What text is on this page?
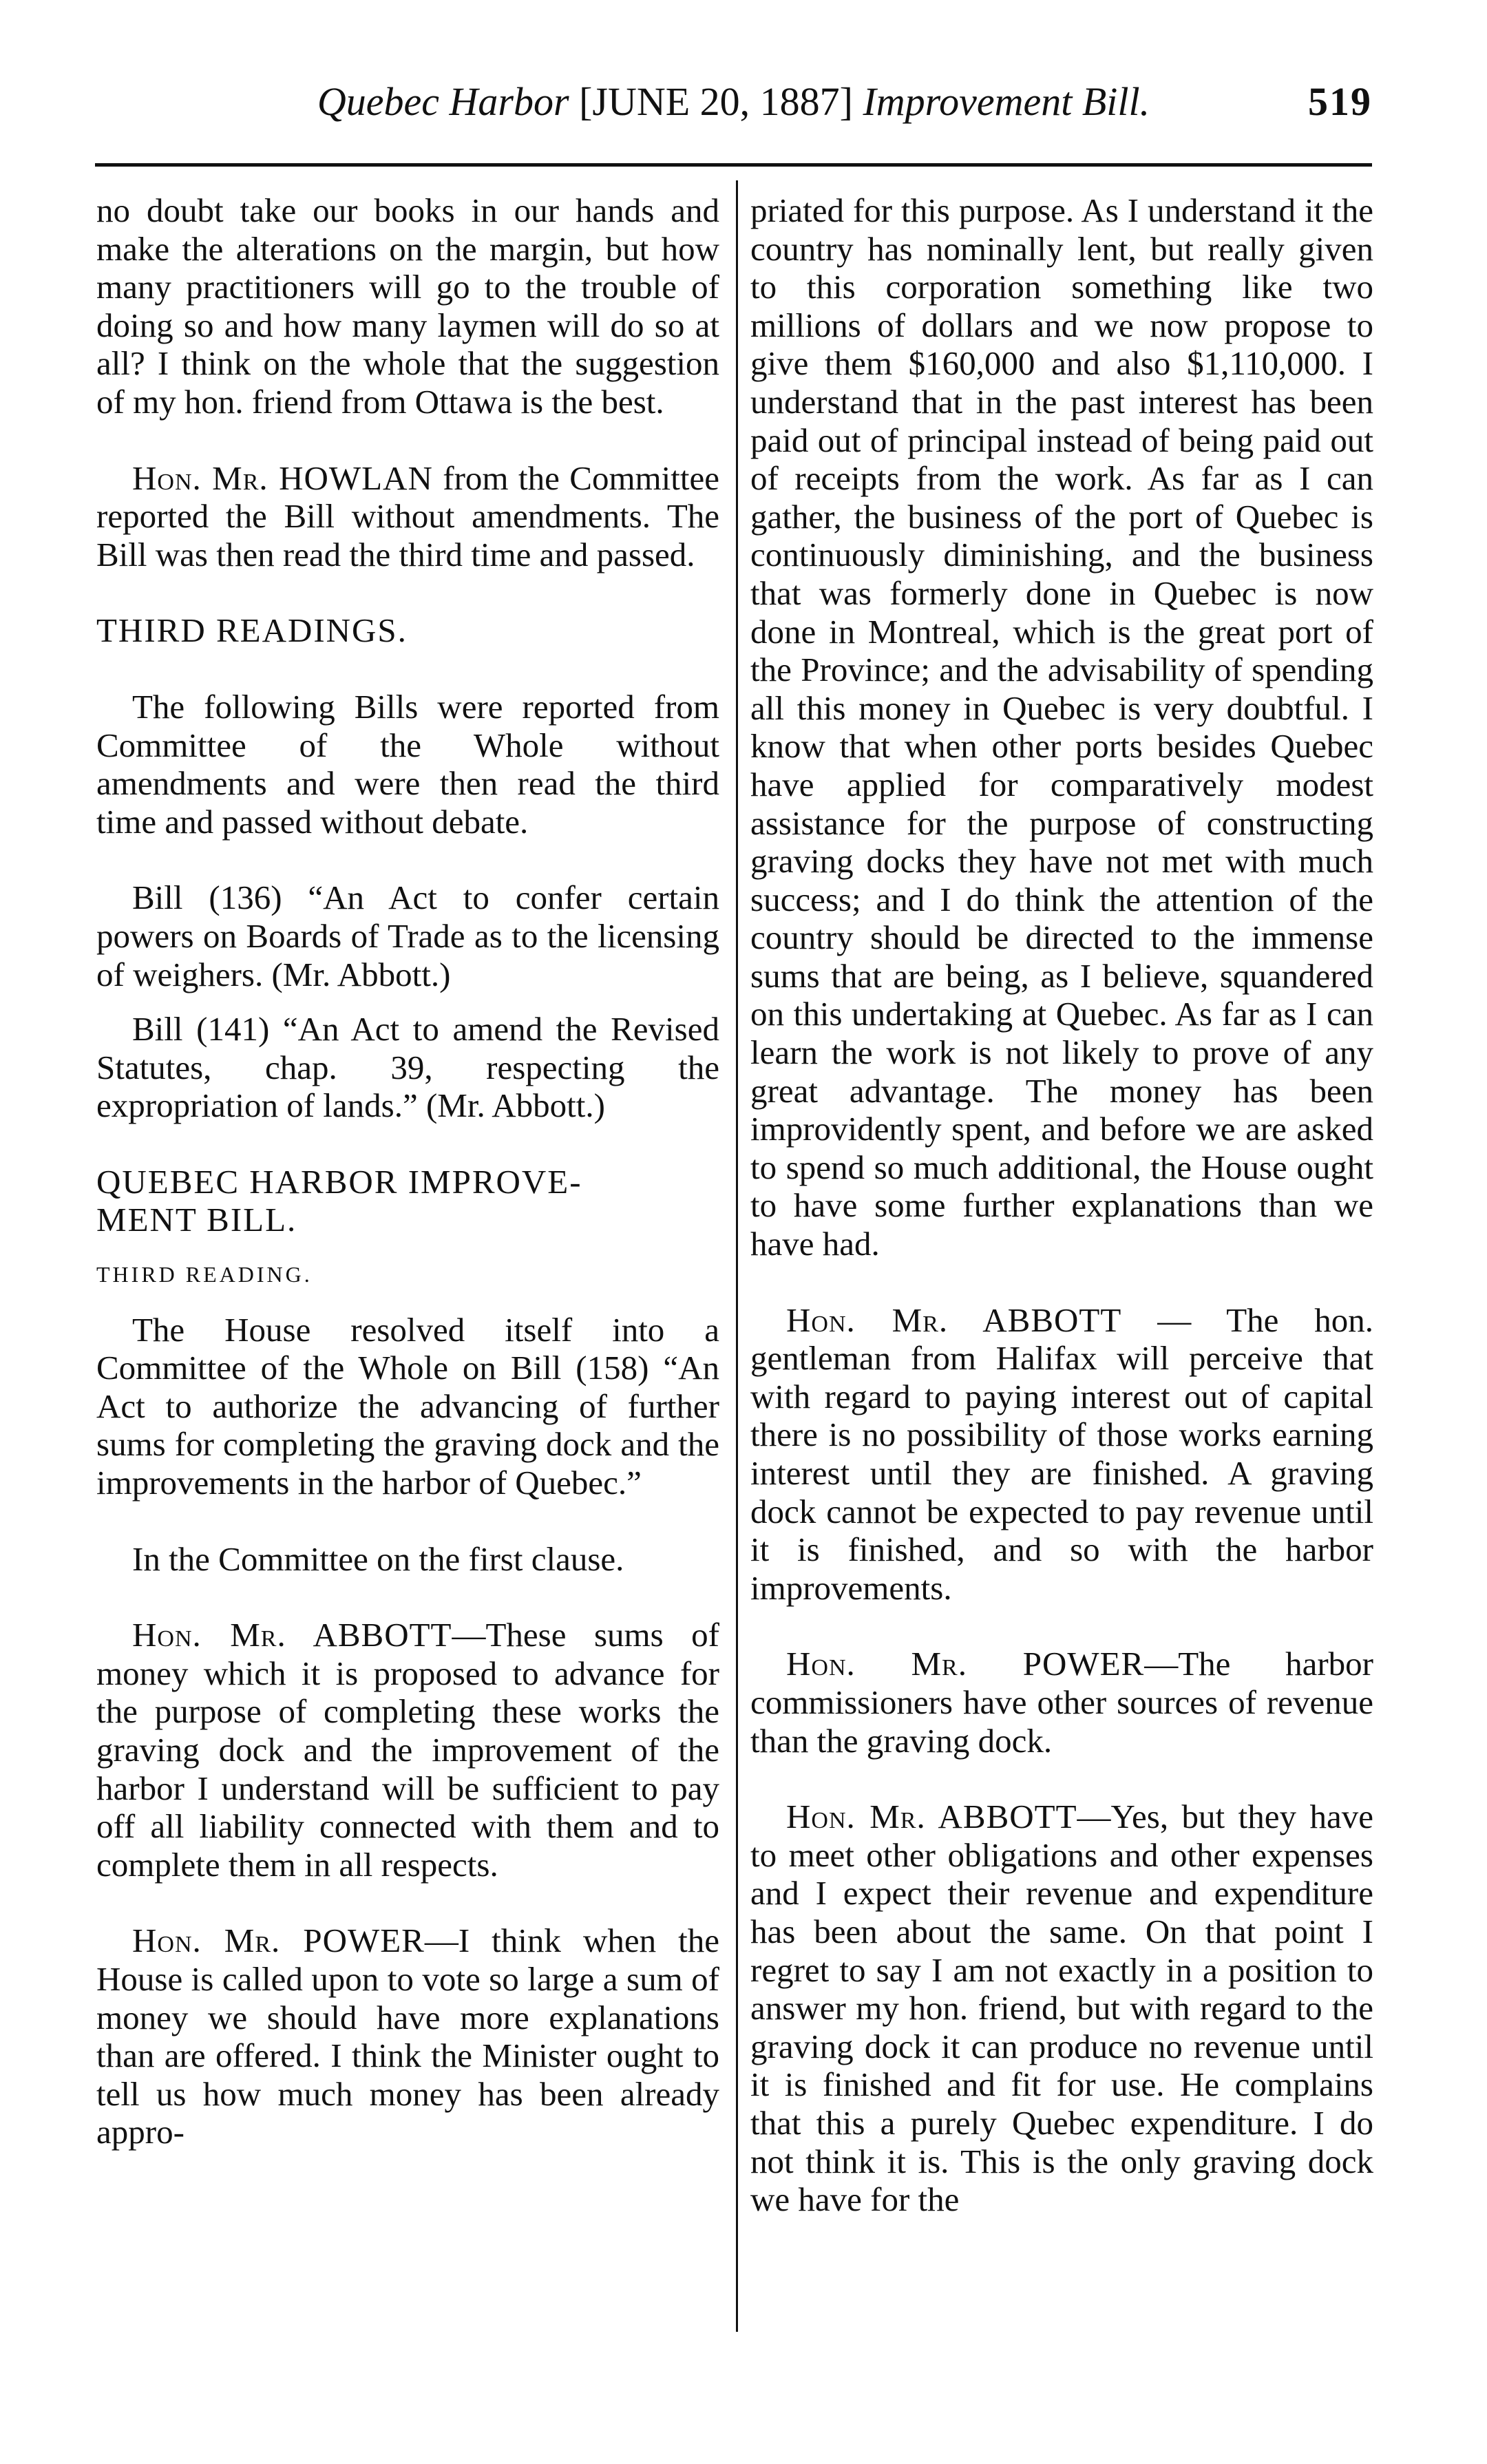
Quebec Harbor [JUNE 20, 1887] Improvement Bill.	519

no doubt take our books in our hands and make the alterations on the margin, but how many practitioners will go to the trouble of doing so and how many laymen will do so at all? I think on the whole that the suggestion of my hon. friend from Ottawa is the best.

Hon. Mr. HOWLAN from the Committee reported the Bill without amendments. The Bill was then read the third time and passed.

THIRD READINGS.

The following Bills were reported from Committee of the Whole without amendments and were then read the third time and passed without debate.

Bill (136) “An Act to confer certain powers on Boards of Trade as to the licensing of weighers. (Mr. Abbott.)

Bill (141) “An Act to amend the Revised Statutes, chap. 39, respecting the expropriation of lands.” (Mr. Abbott.)

QUEBEC HARBOR IMPROVE-

MENT BILL.

THIRD READING.

The House resolved itself into a Committee of the Whole on Bill (158) “An Act to authorize the advancing of further sums for completing the graving dock and the improvements in the harbor of Quebec.”

In the Committee on the first clause.

Hon. Mr. ABBOTT—These sums of money which it is proposed to advance for the purpose of completing these works the graving dock and the improvement of the harbor I understand will be sufficient to pay off all liability connected with them and to complete them in all respects.

Hon. Mr. POWER—I think when the House is called upon to vote so large a sum of money we should have more explanations than are offered. I think the Minister ought to tell us how much money has been already appro-

priated for this purpose. As I understand it the country has nominally lent, but really given to this corporation something like two millions of dollars and we now propose to give them $160,000 and also $1,110,000. I understand that in the past interest has been paid out of principal instead of being paid out of receipts from the work. As far as I can gather, the business of the port of Quebec is continuously diminishing, and the business that was formerly done in Quebec is now done in Montreal, which is the great port of the Province; and the advisability of spending all this money in Quebec is very doubtful. I know that when other ports besides Quebec have applied for comparatively modest assistance for the purpose of constructing graving docks they have not met with much success; and I do think the attention of the country should be directed to the immense sums that are being, as I believe, squandered on this undertaking at Quebec. As far as I can learn the work is not likely to prove of any great advantage. The money has been improvidently spent, and before we are asked to spend so much additional, the House ought to have some further explanations than we have had.

Hon. Mr. ABBOTT — The hon. gentleman from Halifax will perceive that with regard to paying interest out of capital there is no possibility of those works earning interest until they are finished. A graving dock cannot be expected to pay revenue until it is finished, and so with the harbor improvements.

Hon. Mr. POWER—The harbor commissioners have other sources of revenue than the graving dock.

Hon. Mr. ABBOTT—Yes, but they have to meet other obligations and other expenses and I expect their revenue and expenditure has been about the same. On that point I regret to say I am not exactly in a position to answer my hon. friend, but with regard to the graving dock it can produce no revenue until it is finished and fit for use. He complains that this a purely Quebec expenditure. I do not think it is. This is the only graving dock we have for the
